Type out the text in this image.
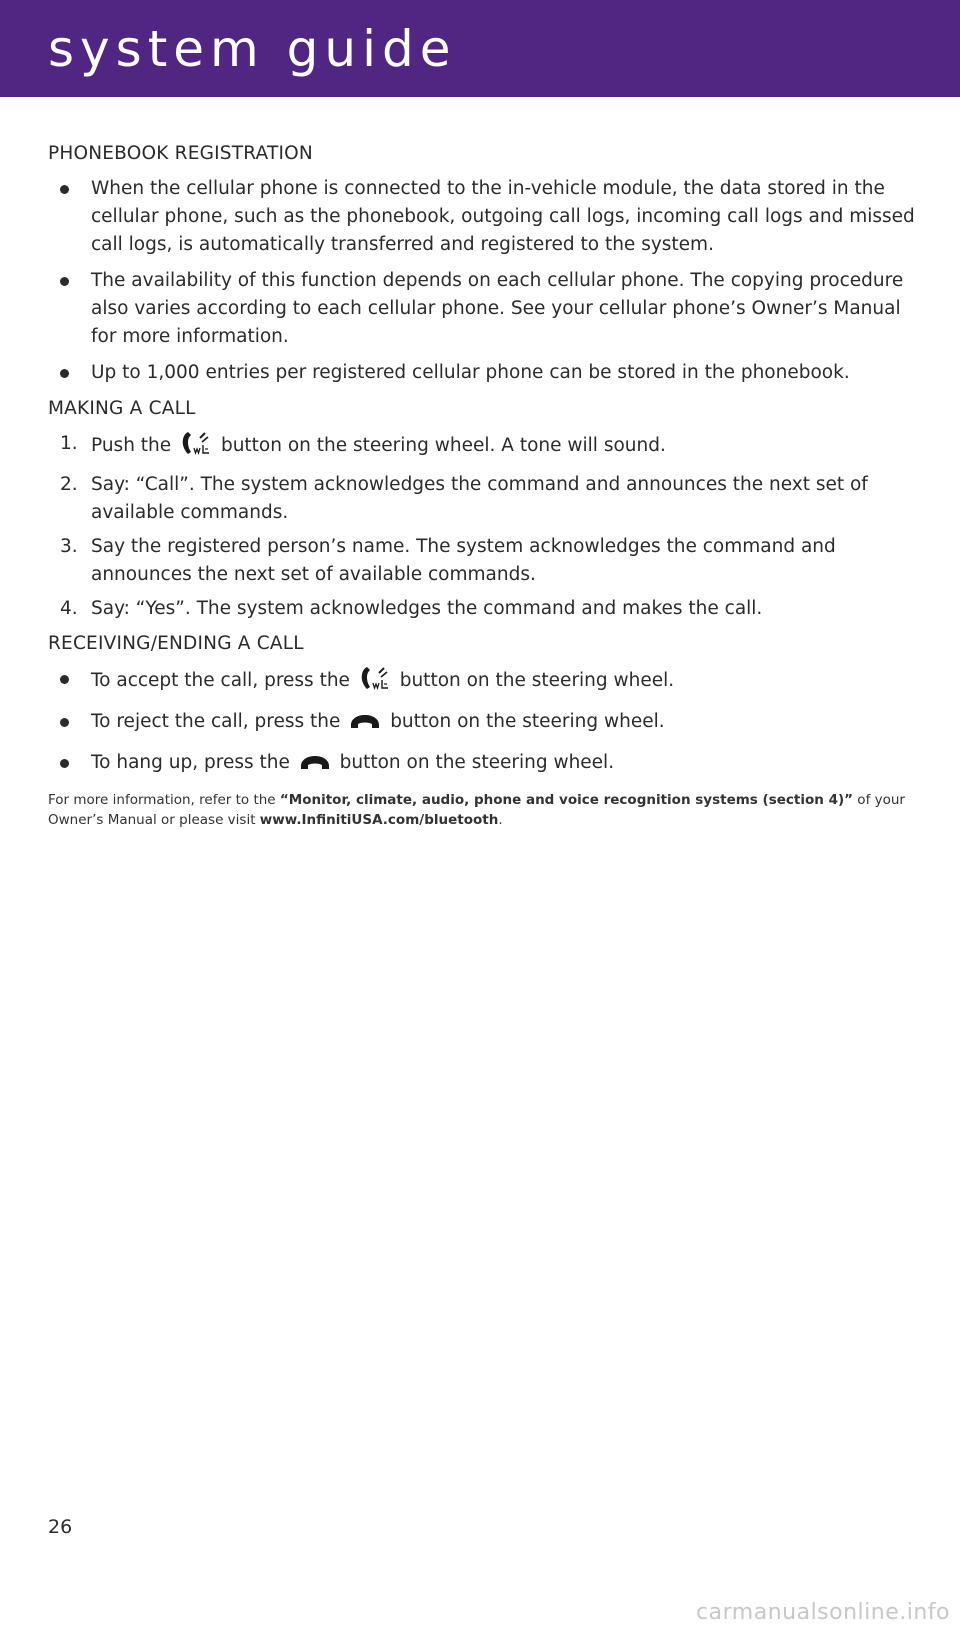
system guide
PHONEBOOK REGISTRATION
When the cellular phone is connected to the in-vehicle module, the data stored in the cellular phone, such as the phonebook, outgoing call logs, incoming call logs and missed call logs, is automatically transferred and registered to the system.
The availability of this function depends on each cellular phone. The copying procedure also varies according to each cellular phone. See your cellular phone’s Owner’s Manual for more information.
Up to 1,000 entries per registered cellular phone can be stored in the phonebook.
MAKING A CALL
1. Push the	button on the steering wheel. A tone will sound.
2. Say: “Call”. The system acknowledges the command and announces the next set of available commands.
3. Say the registered person’s name. The system acknowledges the command and announces the next set of available commands.
4. Say: “Yes”. The system acknowledges the command and makes the call.
RECEIVING/ENDING A CALL
To accept the call, press the	button on the steering wheel.
To reject the call, press the	button on the steering wheel.
To hang up, press the	button on the steering wheel.
For more information, refer to the “Monitor, climate, audio, phone and voice recognition systems (section 4)” of your Owner’s Manual or please visit www.InfinitiUSA.com/bluetooth.
26
carmanualsonline.info
